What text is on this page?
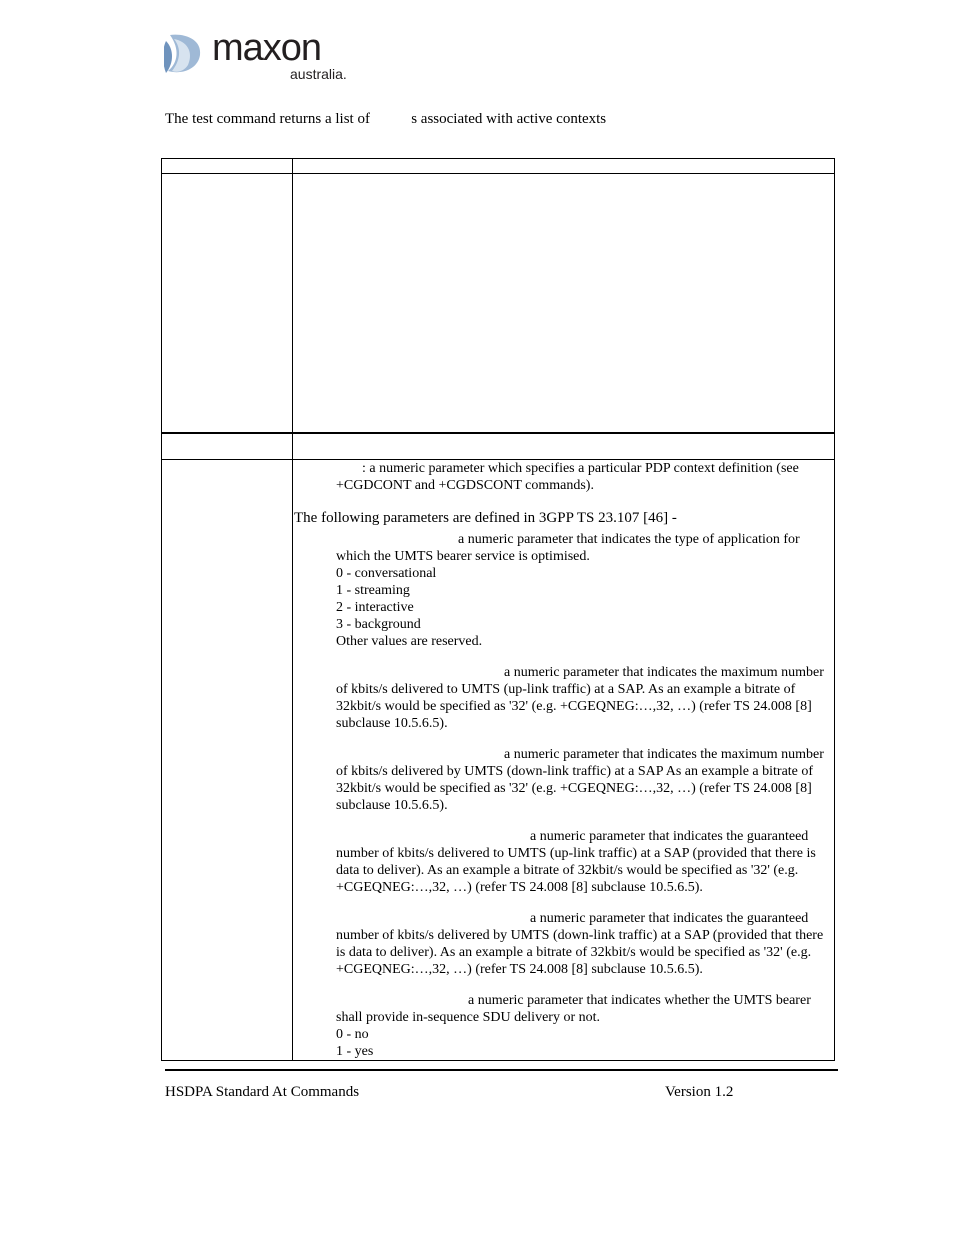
maxon
australia.
The test command returns a list of	s associated with active contexts

: a numeric parameter which specifies a particular PDP context definition (see +CGDCONT and +CGDSCONT commands).

The following parameters are defined in 3GPP TS 23.107 [46] -

a numeric parameter that indicates the type of application for which the UMTS bearer service is optimised.

0 - conversational

1 - streaming

2 - interactive

3 - background

Other values are reserved.

a numeric parameter that indicates the maximum number of kbits/s delivered to UMTS (up-link traffic) at a SAP. As an example a bitrate of 32kbit/s would be specified as '32' (e.g. +CGEQNEG:…,32, …) (refer TS 24.008 [8] subclause 10.5.6.5).

a numeric parameter that indicates the maximum number of kbits/s delivered by UMTS (down-link traffic) at a SAP As an example a bitrate of 32kbit/s would be specified as '32' (e.g. +CGEQNEG:…,32, …) (refer TS 24.008 [8] subclause 10.5.6.5).

a numeric parameter that indicates the guaranteed number of kbits/s delivered to UMTS (up-link traffic) at a SAP (provided that there is data to deliver). As an example a bitrate of 32kbit/s would be specified as '32' (e.g. +CGEQNEG:…,32, …) (refer TS 24.008 [8] subclause 10.5.6.5).

a numeric parameter that indicates the guaranteed number of kbits/s delivered by UMTS (down-link traffic) at a SAP (provided that there is data to deliver). As an example a bitrate of 32kbit/s would be specified as '32' (e.g. +CGEQNEG:…,32, …) (refer TS 24.008 [8] subclause 10.5.6.5).

a numeric parameter that indicates whether the UMTS bearer shall provide in-sequence SDU delivery or not.

0 - no

1 - yes

HSDPA Standard At Commands	Version 1.2
